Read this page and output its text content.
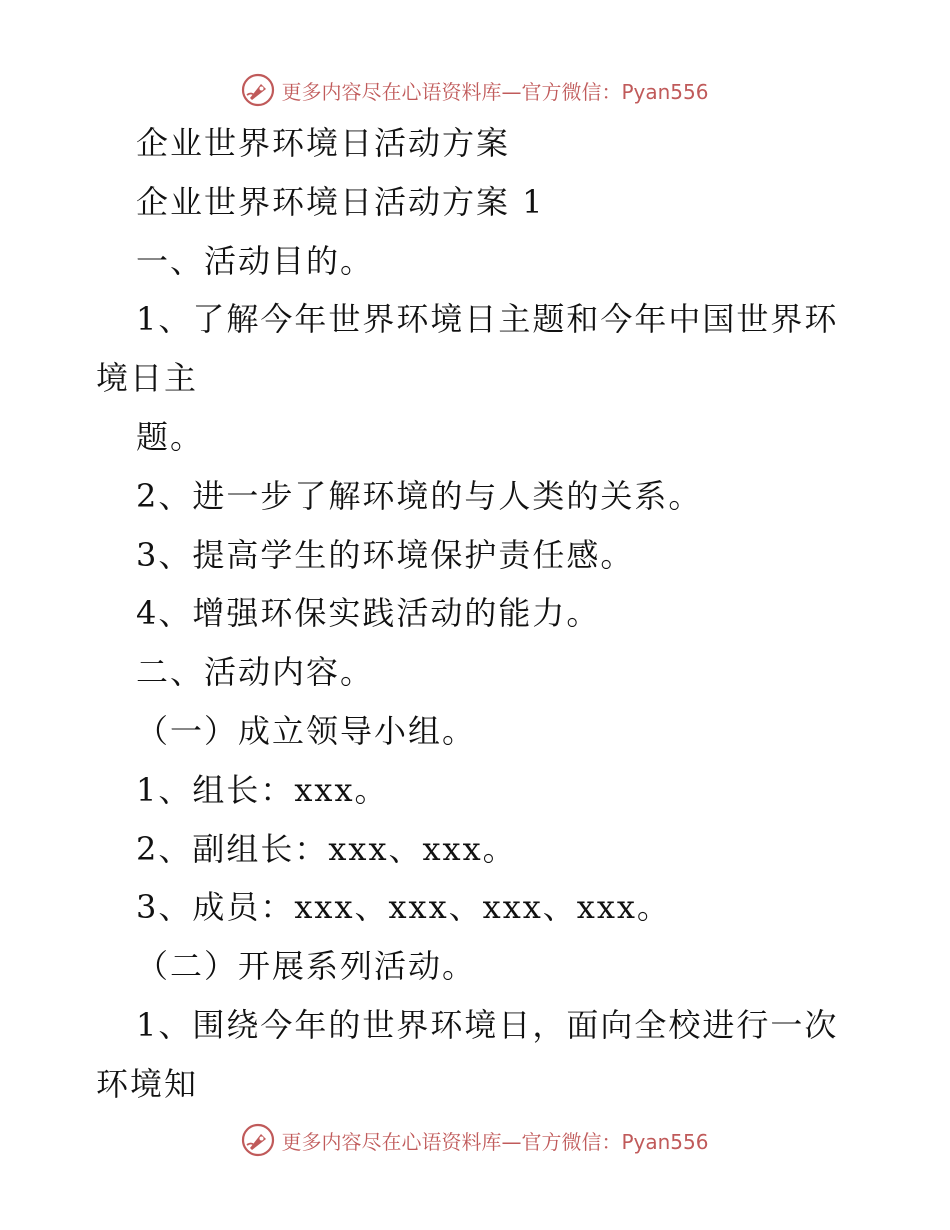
更多内容尽在心语资料库—官方微信：Pyan556
企业世界环境日活动方案
企业世界环境日活动方案 1
一、活动目的。
1、了解今年世界环境日主题和今年中国世界环
境日主
题。
2、进一步了解环境的与人类的关系。
3、提高学生的环境保护责任感。
4、增强环保实践活动的能力。
二、活动内容。
（一）成立领导小组。
1、组长：xxx。
2、副组长：xxx、xxx。
3、成员：xxx、xxx、xxx、xxx。
（二）开展系列活动。
1、围绕今年的世界环境日，面向全校进行一次
环境知
更多内容尽在心语资料库—官方微信：Pyan556
